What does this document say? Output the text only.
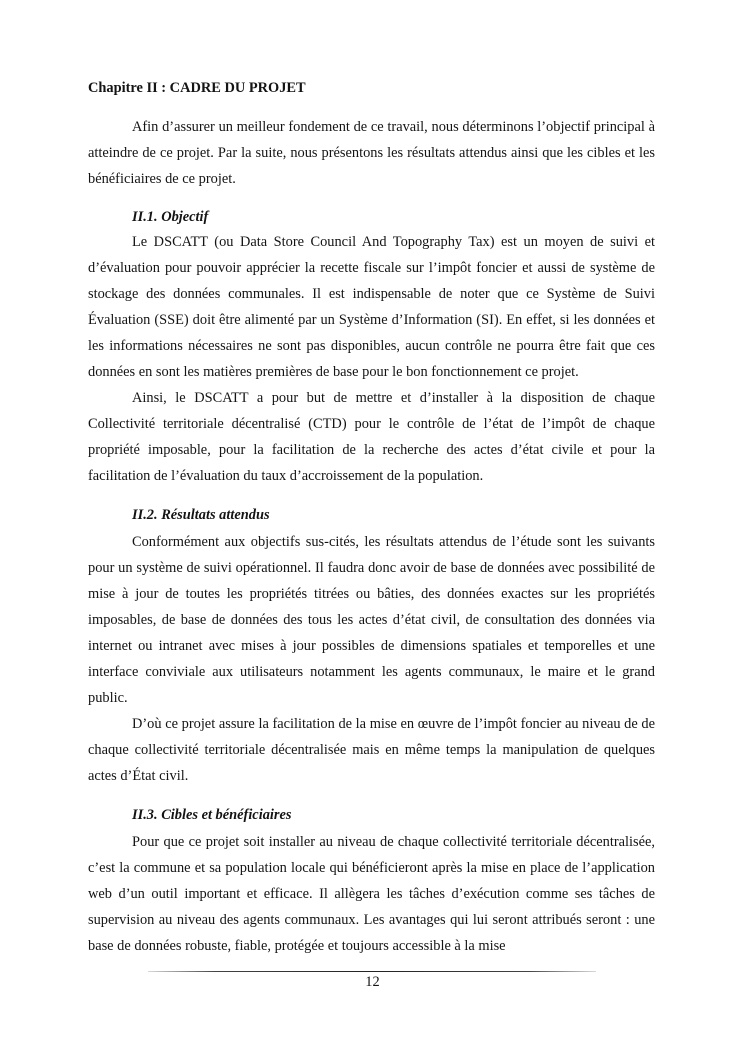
Chapitre II : CADRE DU PROJET

Afin d’assurer un meilleur fondement de ce travail, nous déterminons l’objectif principal à atteindre de ce projet. Par la suite, nous présentons les résultats attendus ainsi que les cibles et les bénéficiaires de ce projet.

II.1. Objectif

Le DSCATT (ou Data Store Council And Topography Tax) est un moyen de suivi et d’évaluation pour pouvoir apprécier la recette fiscale sur l’impôt foncier et aussi de système de stockage des données communales. Il est indispensable de noter que ce Système de Suivi Évaluation (SSE) doit être alimenté par un Système d’Information (SI). En effet, si les données et les informations nécessaires ne sont pas disponibles, aucun contrôle ne pourra être fait que ces données en sont les matières premières de base pour le bon fonctionnement ce projet.

Ainsi, le DSCATT a pour but de mettre et d’installer à la disposition de chaque Collectivité territoriale décentralisé (CTD) pour le contrôle de l’état de l’impôt de chaque propriété imposable, pour la facilitation de la recherche des actes d’état civile et pour la facilitation de l’évaluation du taux d’accroissement de la population.

II.2. Résultats attendus

Conformément aux objectifs sus-cités, les résultats attendus de l’étude sont les suivants pour un système de suivi opérationnel. Il faudra donc avoir de base de données avec possibilité de mise à jour de toutes les propriétés titrées ou bâties, des données exactes sur les propriétés imposables, de base de données des tous les actes d’état civil, de consultation des données via internet ou intranet avec mises à jour possibles de dimensions spatiales et temporelles et une interface conviviale aux utilisateurs notamment les agents communaux, le maire et le grand public.

D’où ce projet assure la facilitation de la mise en œuvre de l’impôt foncier au niveau de de chaque collectivité territoriale décentralisée mais en même temps la manipulation de quelques actes d’État civil.

II.3. Cibles et bénéficiaires

Pour que ce projet soit installer au niveau de chaque collectivité territoriale décentralisée, c’est la commune et sa population locale qui bénéficieront après la mise en place de l’application web d’un outil important et efficace. Il allègera les tâches d’exécution comme ses tâches de supervision au niveau des agents communaux. Les avantages qui lui seront attribués seront : une base de données robuste, fiable, protégée et toujours accessible à la mise

12
